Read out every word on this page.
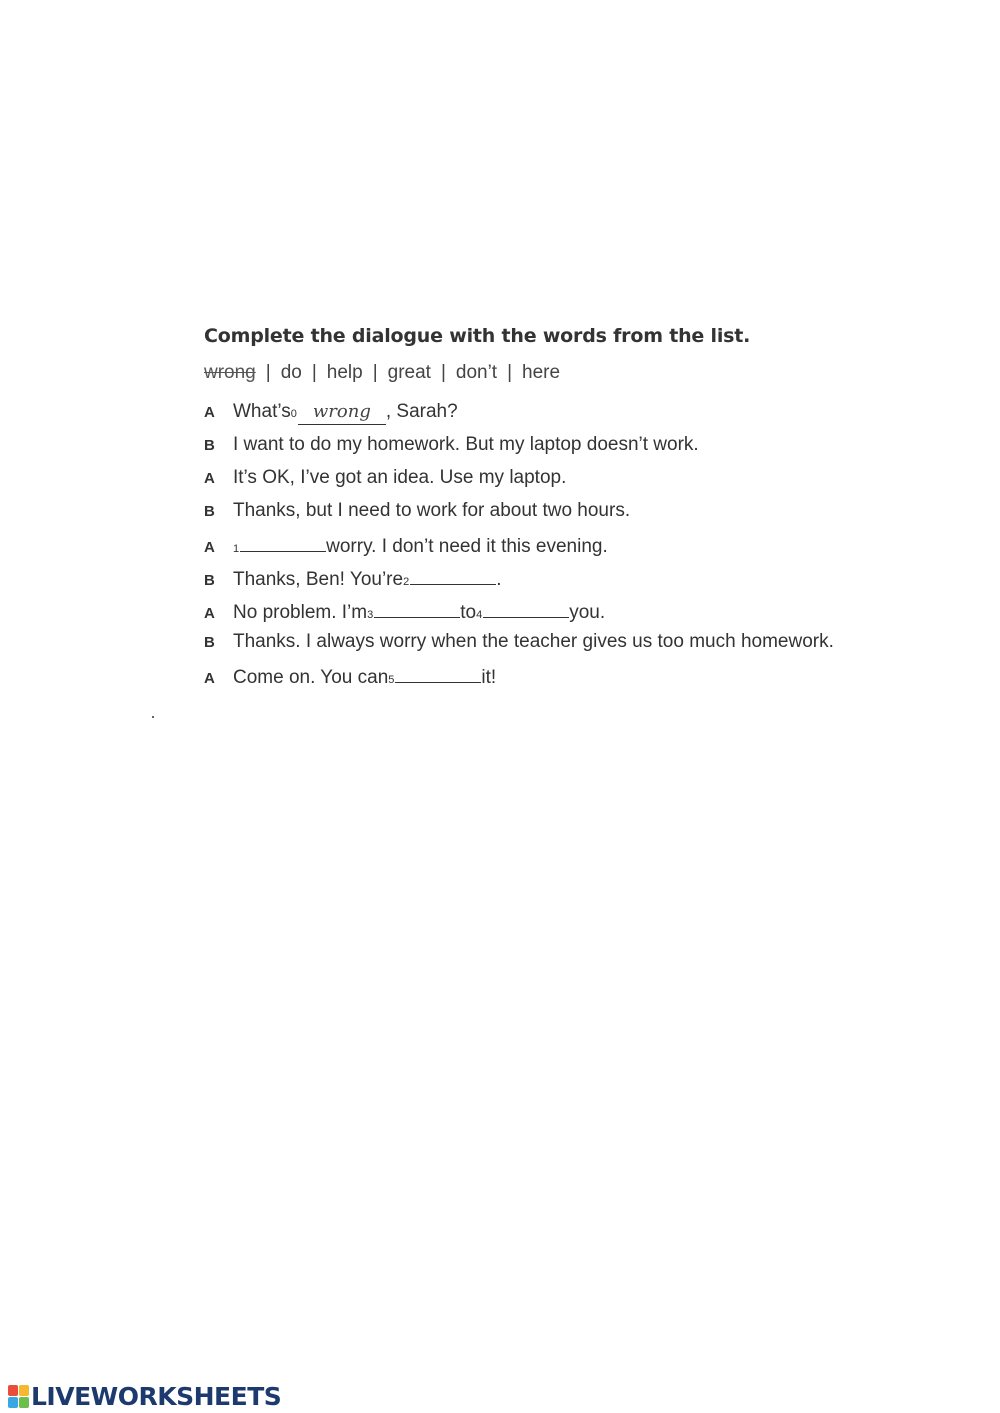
Complete the dialogue with the words from the list.
wrong | do | help | great | don’t | here
A What’s 0 wrong , Sarah?
B I want to do my homework. But my laptop doesn’t work.
A It’s OK, I’ve got an idea. Use my laptop.
B Thanks, but I need to work for about two hours.
A	1	worry. I don’t need it this evening.
B Thanks, Ben! You’re 2	.
A No problem. I’m 3	to 4	you.
B Thanks. I always worry when the teacher gives us too much homework.
A Come on. You can 5	it!
LIVEWORKSHEETS
